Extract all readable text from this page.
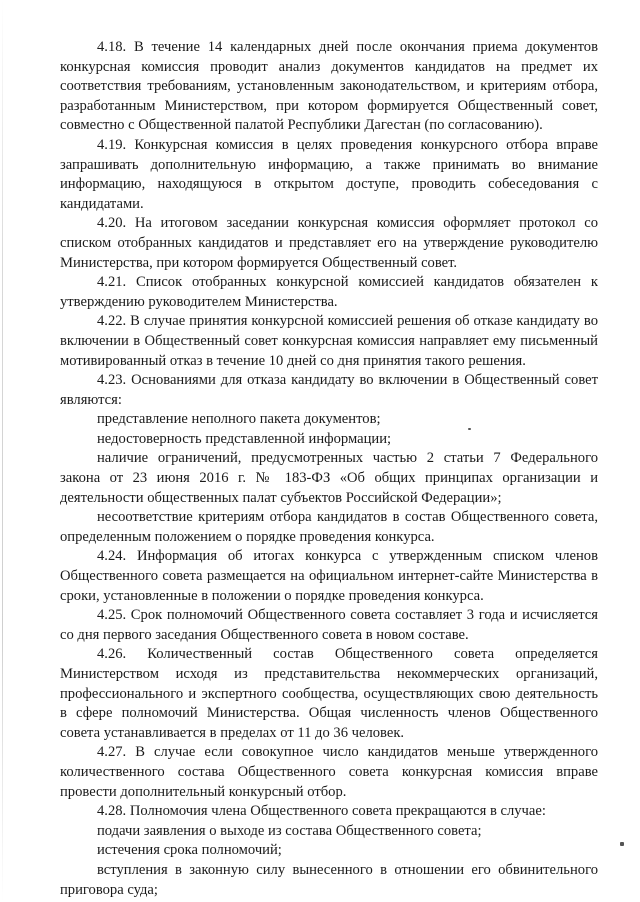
4.18. В течение 14 календарных дней после окончания приема документов конкурсная комиссия проводит анализ документов кандидатов на предмет их соответствия требованиям, установленным законодательством, и критериям отбора, разработанным Министерством, при котором формируется Общественный совет, совместно с Общественной палатой Республики Дагестан (по согласованию).

4.19. Конкурсная комиссия в целях проведения конкурсного отбора вправе запрашивать дополнительную информацию, а также принимать во внимание информацию, находящуюся в открытом доступе, проводить собеседования с кандидатами.

4.20. На итоговом заседании конкурсная комиссия оформляет протокол со списком отобранных кандидатов и представляет его на утверждение руководителю Министерства, при котором формируется Общественный совет.

4.21. Список отобранных конкурсной комиссией кандидатов обязателен к утверждению руководителем Министерства.

4.22. В случае принятия конкурсной комиссией решения об отказе кандидату во включении в Общественный совет конкурсная комиссия направляет ему письменный мотивированный отказ в течение 10 дней со дня принятия такого решения.

4.23. Основаниями для отказа кандидату во включении в Общественный совет являются:

представление неполного пакета документов;

недостоверность представленной информации;

наличие ограничений, предусмотренных частью 2 статьи 7 Федерального закона от 23 июня 2016 г. № 183-ФЗ «Об общих принципах организации и деятельности общественных палат субъектов Российской Федерации»;

несоответствие критериям отбора кандидатов в состав Общественного совета, определенным положением о порядке проведения конкурса.

4.24. Информация об итогах конкурса с утвержденным списком членов Общественного совета размещается на официальном интернет-сайте Министерства в сроки, установленные в положении о порядке проведения конкурса.

4.25. Срок полномочий Общественного совета составляет 3 года и исчисляется со дня первого заседания Общественного совета в новом составе.

4.26. Количественный состав Общественного совета определяется Министерством исходя из представительства некоммерческих организаций, профессионального и экспертного сообщества, осуществляющих свою деятельность в сфере полномочий Министерства. Общая численность членов Общественного совета устанавливается в пределах от 11 до 36 человек.

4.27. В случае если совокупное число кандидатов меньше утвержденного количественного состава Общественного совета конкурсная комиссия вправе провести дополнительный конкурсный отбор.

4.28. Полномочия члена Общественного совета прекращаются в случае:

подачи заявления о выходе из состава Общественного совета;

истечения срока полномочий;

вступления в законную силу вынесенного в отношении его обвинительного приговора суда;
